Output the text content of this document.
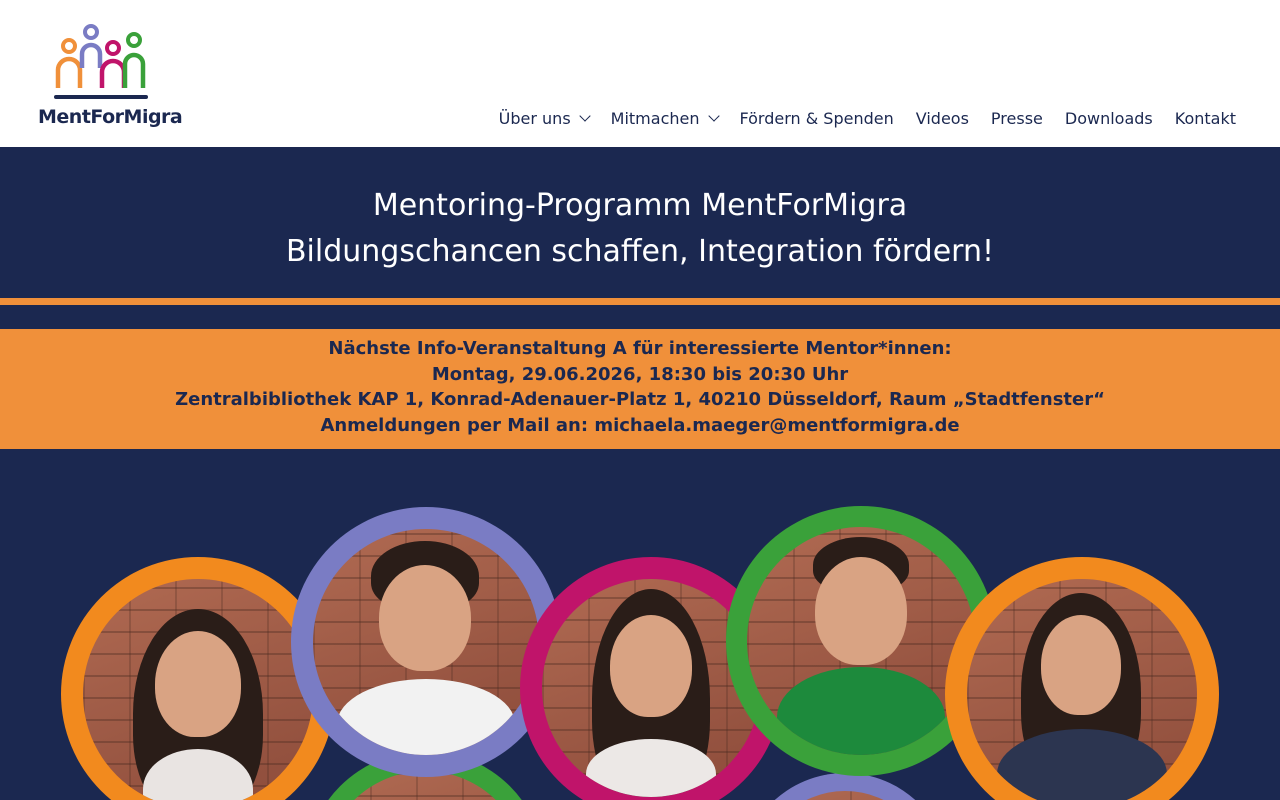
MentForMigra	Über uns	Mitmachen	Fördern & Spenden Videos Presse Downloads Kontakt
Mentoring-Programm MentForMigra
Bildungschancen schaffen, Integration fördern!

Nächste Info-Veranstaltung A für interessierte Mentor*innen:

Montag, 29.06.2026, 18:30 bis 20:30 Uhr

Zentralbibliothek KAP 1, Konrad-Adenauer-Platz 1, 40210 Düsseldorf, Raum „Stadtfenster“

Anmeldungen per Mail an: michaela.maeger@mentformigra.de
